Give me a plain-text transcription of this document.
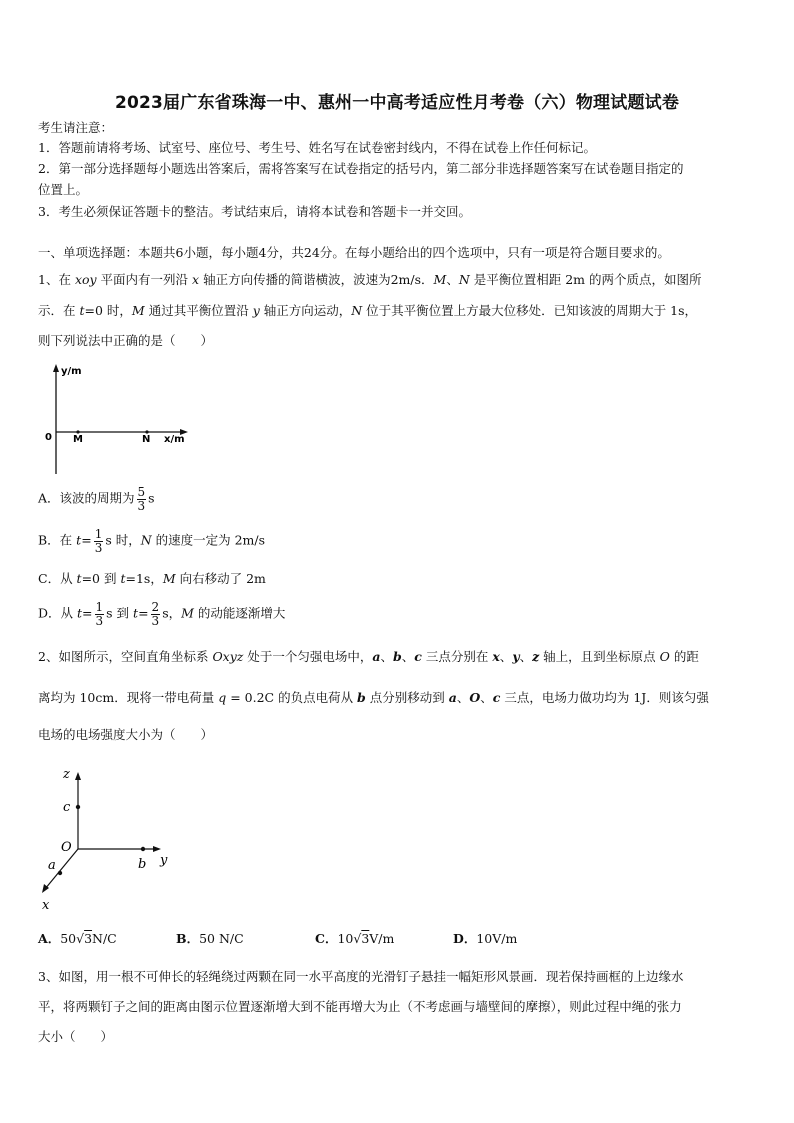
2023届广东省珠海一中、惠州一中高考适应性月考卷（六）物理试题试卷
考生请注意：
1．答题前请将考场、试室号、座位号、考生号、姓名写在试卷密封线内，不得在试卷上作任何标记。
2．第一部分选择题每小题选出答案后，需将答案写在试卷指定的括号内，第二部分非选择题答案写在试卷题目指定的
位置上。
3．考生必须保证答题卡的整洁。考试结束后，请将本试卷和答题卡一并交回。
一、单项选择题：本题共6小题，每小题4分，共24分。在每小题给出的四个选项中，只有一项是符合题目要求的。
1、在 xoy 平面内有一列沿 x 轴正方向传播的简谐横波，波速为2m/s．M、N 是平衡位置相距 2m 的两个质点，如图所
示．在 t=0 时，M 通过其平衡位置沿 y 轴正方向运动，N 位于其平衡位置上方最大位移处．已知该波的周期大于 1s，
则下列说法中正确的是（　　）
y/m
0 M	N x/m
A．该波的周期为 $\frac{5}{3}$ s
B．在 $t= \frac{1}{3}$ s 时，N 的速度一定为 2m/s
C．从 t=0 到 t=1s，M 向右移动了 2m
D．从 $t= \frac{1}{3}$ s 到 $t= \frac{2}{3}$ s，M 的动能逐渐增大
2、如图所示，空间直角坐标系 Oxyz 处于一个匀强电场中，a、b、c 三点分别在 x、y、z 轴上，且到坐标原点 O 的距
离均为 10cm．现将一带电荷量 q = 0.2C 的负点电荷从 b 点分别移动到 a、O、c 三点，电场力做功均为 1J．则该匀强
电场的电场强度大小为（　　）
z
c
O
b y
a
x
A．50√3N/C	B．50 N/C	C．10√3V/m	D．10V/m
3、如图，用一根不可伸长的轻绳绕过两颗在同一水平高度的光滑钉子悬挂一幅矩形风景画．现若保持画框的上边缘水
平，将两颗钉子之间的距离由图示位置逐渐增大到不能再增大为止（不考虑画与墙壁间的摩擦），则此过程中绳的张力
大小（　　）
